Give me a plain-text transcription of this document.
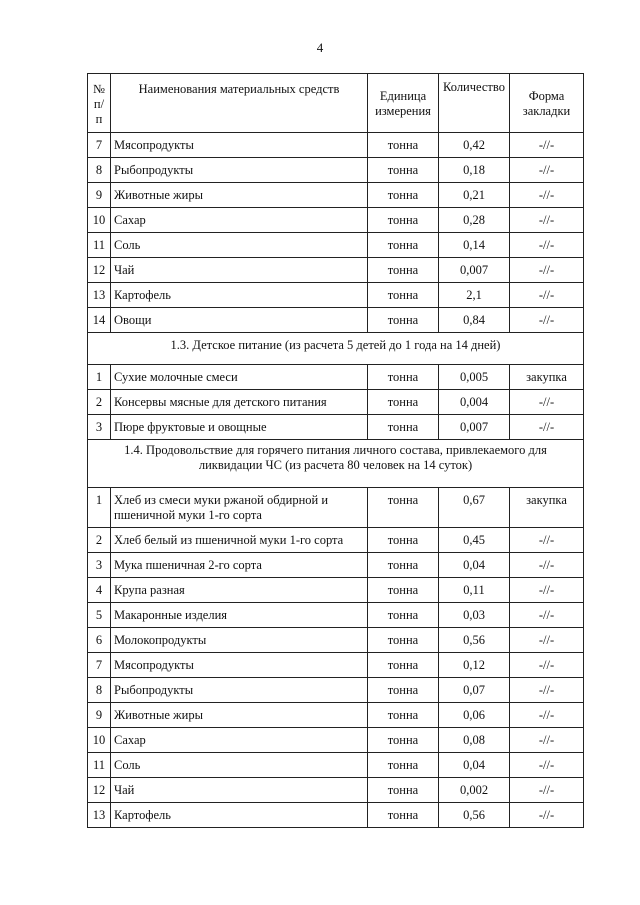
4
№
п/п	Наименования материальных средств	Единица измерения	Количество	Форма закладки
7	Мясопродукты	тонна	0,42	-//-
8	Рыбопродукты	тонна	0,18	-//-
9	Животные жиры	тонна	0,21	-//-
10	Сахар	тонна	0,28	-//-
11	Соль	тонна	0,14	-//-
12	Чай	тонна	0,007	-//-
13	Картофель	тонна	2,1	-//-
14	Овощи	тонна	0,84	-//-
1.3. Детское питание (из расчета 5 детей до 1 года на 14 дней)				
1	Сухие молочные смеси	тонна	0,005	закупка
2	Консервы мясные для детского питания	тонна	0,004	-//-
3	Пюре фруктовые и овощные	тонна	0,007	-//-
1.4. Продовольствие для горячего питания личного состава, привлекаемого для ликвидации ЧС (из расчета 80 человек на 14 суток)				
1	Хлеб из смеси муки ржаной обдирной и пшеничной муки 1-го сорта	тонна	0,67	закупка
2	Хлеб белый из пшеничной муки 1-го сорта	тонна	0,45	-//-
3	Мука пшеничная 2-го сорта	тонна	0,04	-//-
4	Крупа разная	тонна	0,11	-//-
5	Макаронные изделия	тонна	0,03	-//-
6	Молокопродукты	тонна	0,56	-//-
7	Мясопродукты	тонна	0,12	-//-
8	Рыбопродукты	тонна	0,07	-//-
9	Животные жиры	тонна	0,06	-//-
10	Сахар	тонна	0,08	-//-
11	Соль	тонна	0,04	-//-
12	Чай	тонна	0,002	-//-
13	Картофель	тонна	0,56	-//-
